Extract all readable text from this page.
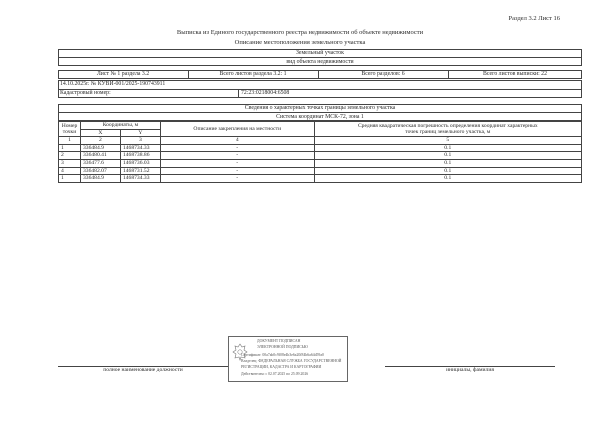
Раздел 3.2 Лист 16
Выписка из Единого государственного реестра недвижимости об объекте недвижимости
Описание местоположения земельного участка
Земельный участок
вид объекта недвижимости
Лист № 1 раздела 3.2	Всего листов раздела 3.2: 1	Всего разделов: 6	Всего листов выписки: 22
14.10.2025г. № КУВИ-001/2025-190743911
Кадастровый номер:	72:23:0218004:6508
Сведения о характерных точках границы земельного участка
Система координат МСК-72, зона 1
Номер точки	Координаты, м		Описание закрепления на местности	Средняя квадратическая погрешность определения координат характерных точек границ земельного участка, м
	X	Y		
1	2	3	4	5
1	336484.9	1468734.33	-	0.1
2	336480.41	1468738.86	-	0.1
3	336477.6	1468736.03	-	0.1
4	336482.07	1468731.52	-	0.1
1	336484.9	1468734.33	-	0.1
полное наименование должности
ДОКУМЕНТ ПОДПИСАН
ЭЛЕКТРОННОЙ ПОДПИСЬЮ
Сертификат: 00a7ab0c9f08e4b3e6a20f84b6a64d59a0
Владелец: ФЕДЕРАЛЬНАЯ СЛУЖБА ГОСУДАРСТВЕННОЙ
РЕГИСТРАЦИИ, КАДАСТРА И КАРТОГРАФИИ
Действителен: с 02.07.2025 по 25.09.2026
инициалы, фамилия
